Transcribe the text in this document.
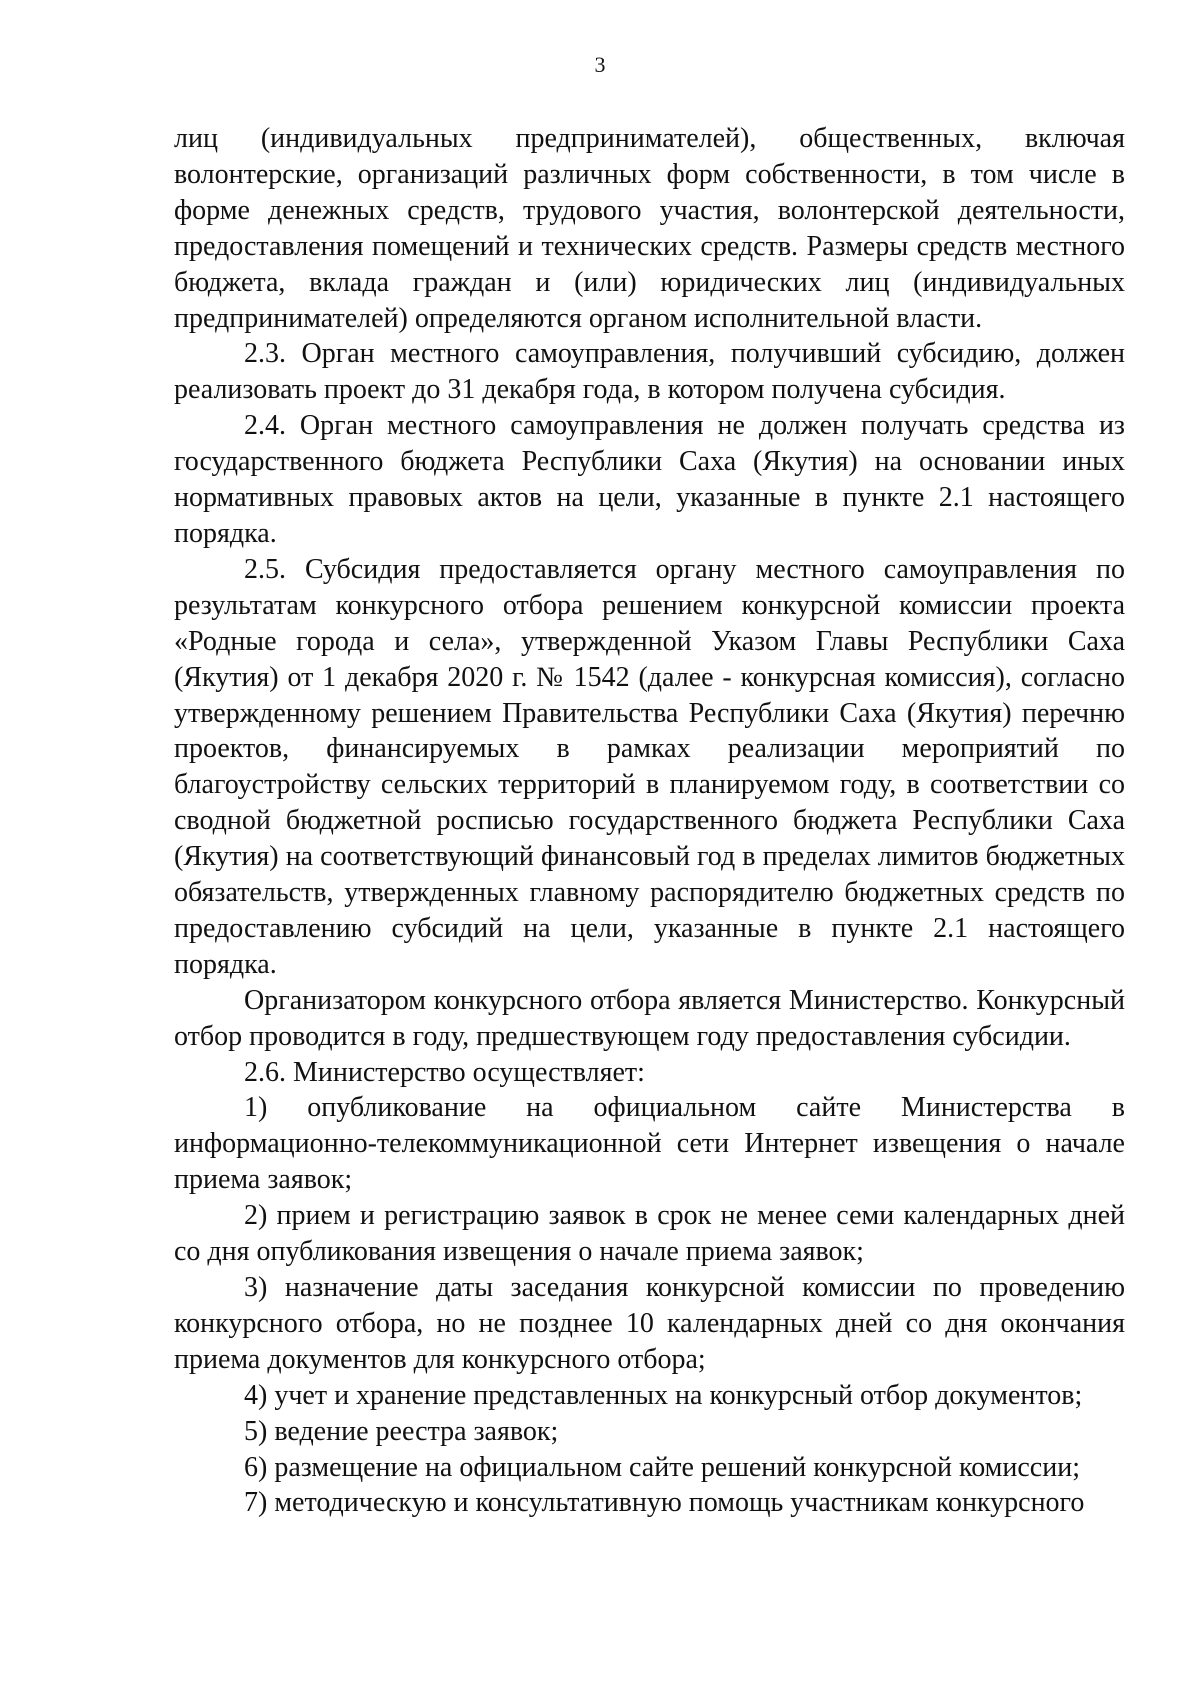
3

лиц (индивидуальных предпринимателей), общественных, включая волонтерские, организаций различных форм собственности, в том числе в форме денежных средств, трудового участия, волонтерской деятельности, предоставления помещений и технических средств. Размеры средств местного бюджета, вклада граждан и (или) юридических лиц (индивидуальных предпринимателей) определяются органом исполнительной власти.

2.3. Орган местного самоуправления, получивший субсидию, должен реализовать проект до 31 декабря года, в котором получена субсидия.

2.4. Орган местного самоуправления не должен получать средства из государственного бюджета Республики Саха (Якутия) на основании иных нормативных правовых актов на цели, указанные в пункте 2.1 настоящего порядка.

2.5. Субсидия предоставляется органу местного самоуправления по результатам конкурсного отбора решением конкурсной комиссии проекта «Родные города и села», утвержденной Указом Главы Республики Саха (Якутия) от 1 декабря 2020 г. № 1542 (далее - конкурсная комиссия), согласно утвержденному решением Правительства Республики Саха (Якутия) перечню проектов, финансируемых в рамках реализации мероприятий по благоустройству сельских территорий в планируемом году, в соответствии со сводной бюджетной росписью государственного бюджета Республики Саха (Якутия) на соответствующий финансовый год в пределах лимитов бюджетных обязательств, утвержденных главному распорядителю бюджетных средств по предоставлению субсидий на цели, указанные в пункте 2.1 настоящего порядка.

Организатором конкурсного отбора является Министерство. Конкурсный отбор проводится в году, предшествующем году предоставления субсидии.

2.6. Министерство осуществляет:

1) опубликование на официальном сайте Министерства в информационно-телекоммуникационной сети Интернет извещения о начале приема заявок;

2) прием и регистрацию заявок в срок не менее семи календарных дней со дня опубликования извещения о начале приема заявок;

3) назначение даты заседания конкурсной комиссии по проведению конкурсного отбора, но не позднее 10 календарных дней со дня окончания приема документов для конкурсного отбора;

4) учет и хранение представленных на конкурсный отбор документов;

5) ведение реестра заявок;

6) размещение на официальном сайте решений конкурсной комиссии;

7) методическую и консультативную помощь участникам конкурсного
